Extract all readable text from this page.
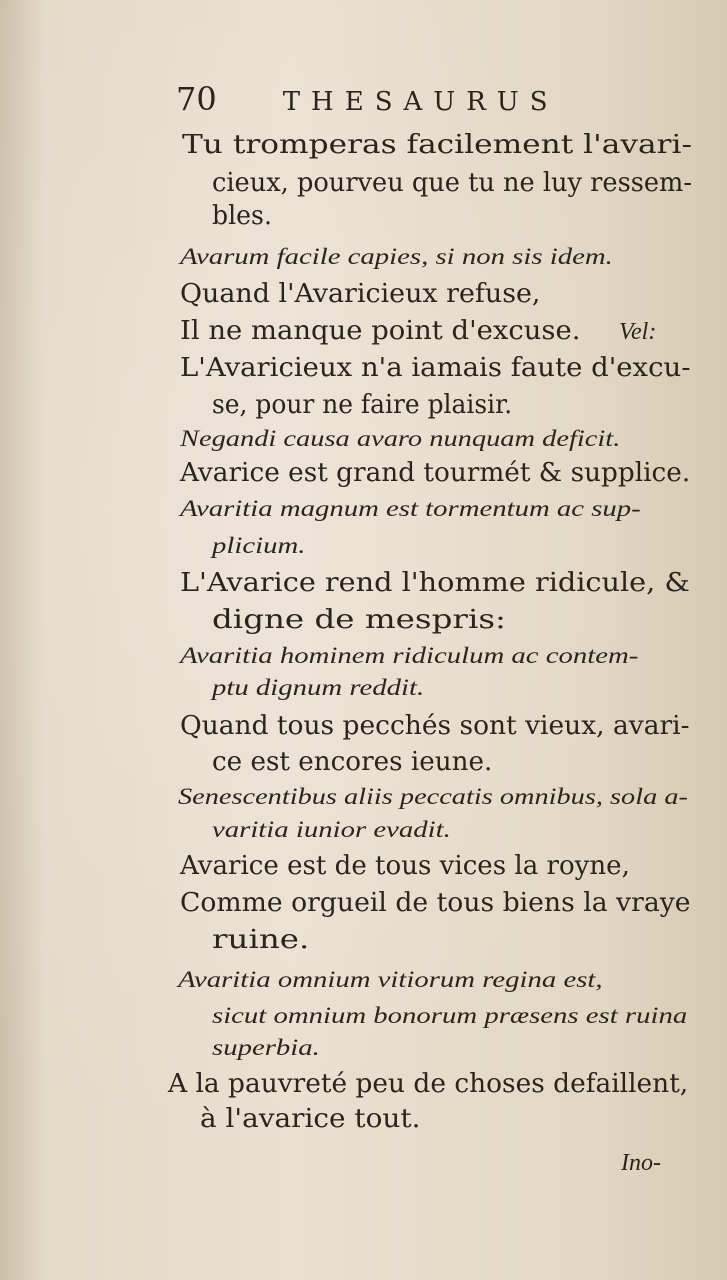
70	THESAURUS
Tu tromperas facilement l'avari-
cieux, pourveu que tu ne luy ressem-
bles.
Avarum facile capies, si non sis idem.
Quand l'Avaricieux refuse,
Il ne manque point d'excuse.
L'Avaricieux n'a iamais faute d'excu-
se, pour ne faire plaisir.
Negandi causa avaro nunquam deficit.
Avarice est grand tourmét & supplice.
Avaritia magnum est tormentum ac sup-
plicium.
L'Avarice rend l'homme ridicule, &
digne de mespris:
Avaritia hominem ridiculum ac contem-
ptu dignum reddit.
Quand tous pecchés sont vieux, avari-
ce est encores ieune.
Senescentibus aliis peccatis omnibus, sola a-
varitia iunior evadit.
Avarice est de tous vices la royne,
Comme orgueil de tous biens la vraye
ruine.
Avaritia omnium vitiorum regina est,
sicut omnium bonorum præsens est ruina
superbia.
A la pauvreté peu de choses defaillent,
à l'avarice tout.
Vel:
Ino-
